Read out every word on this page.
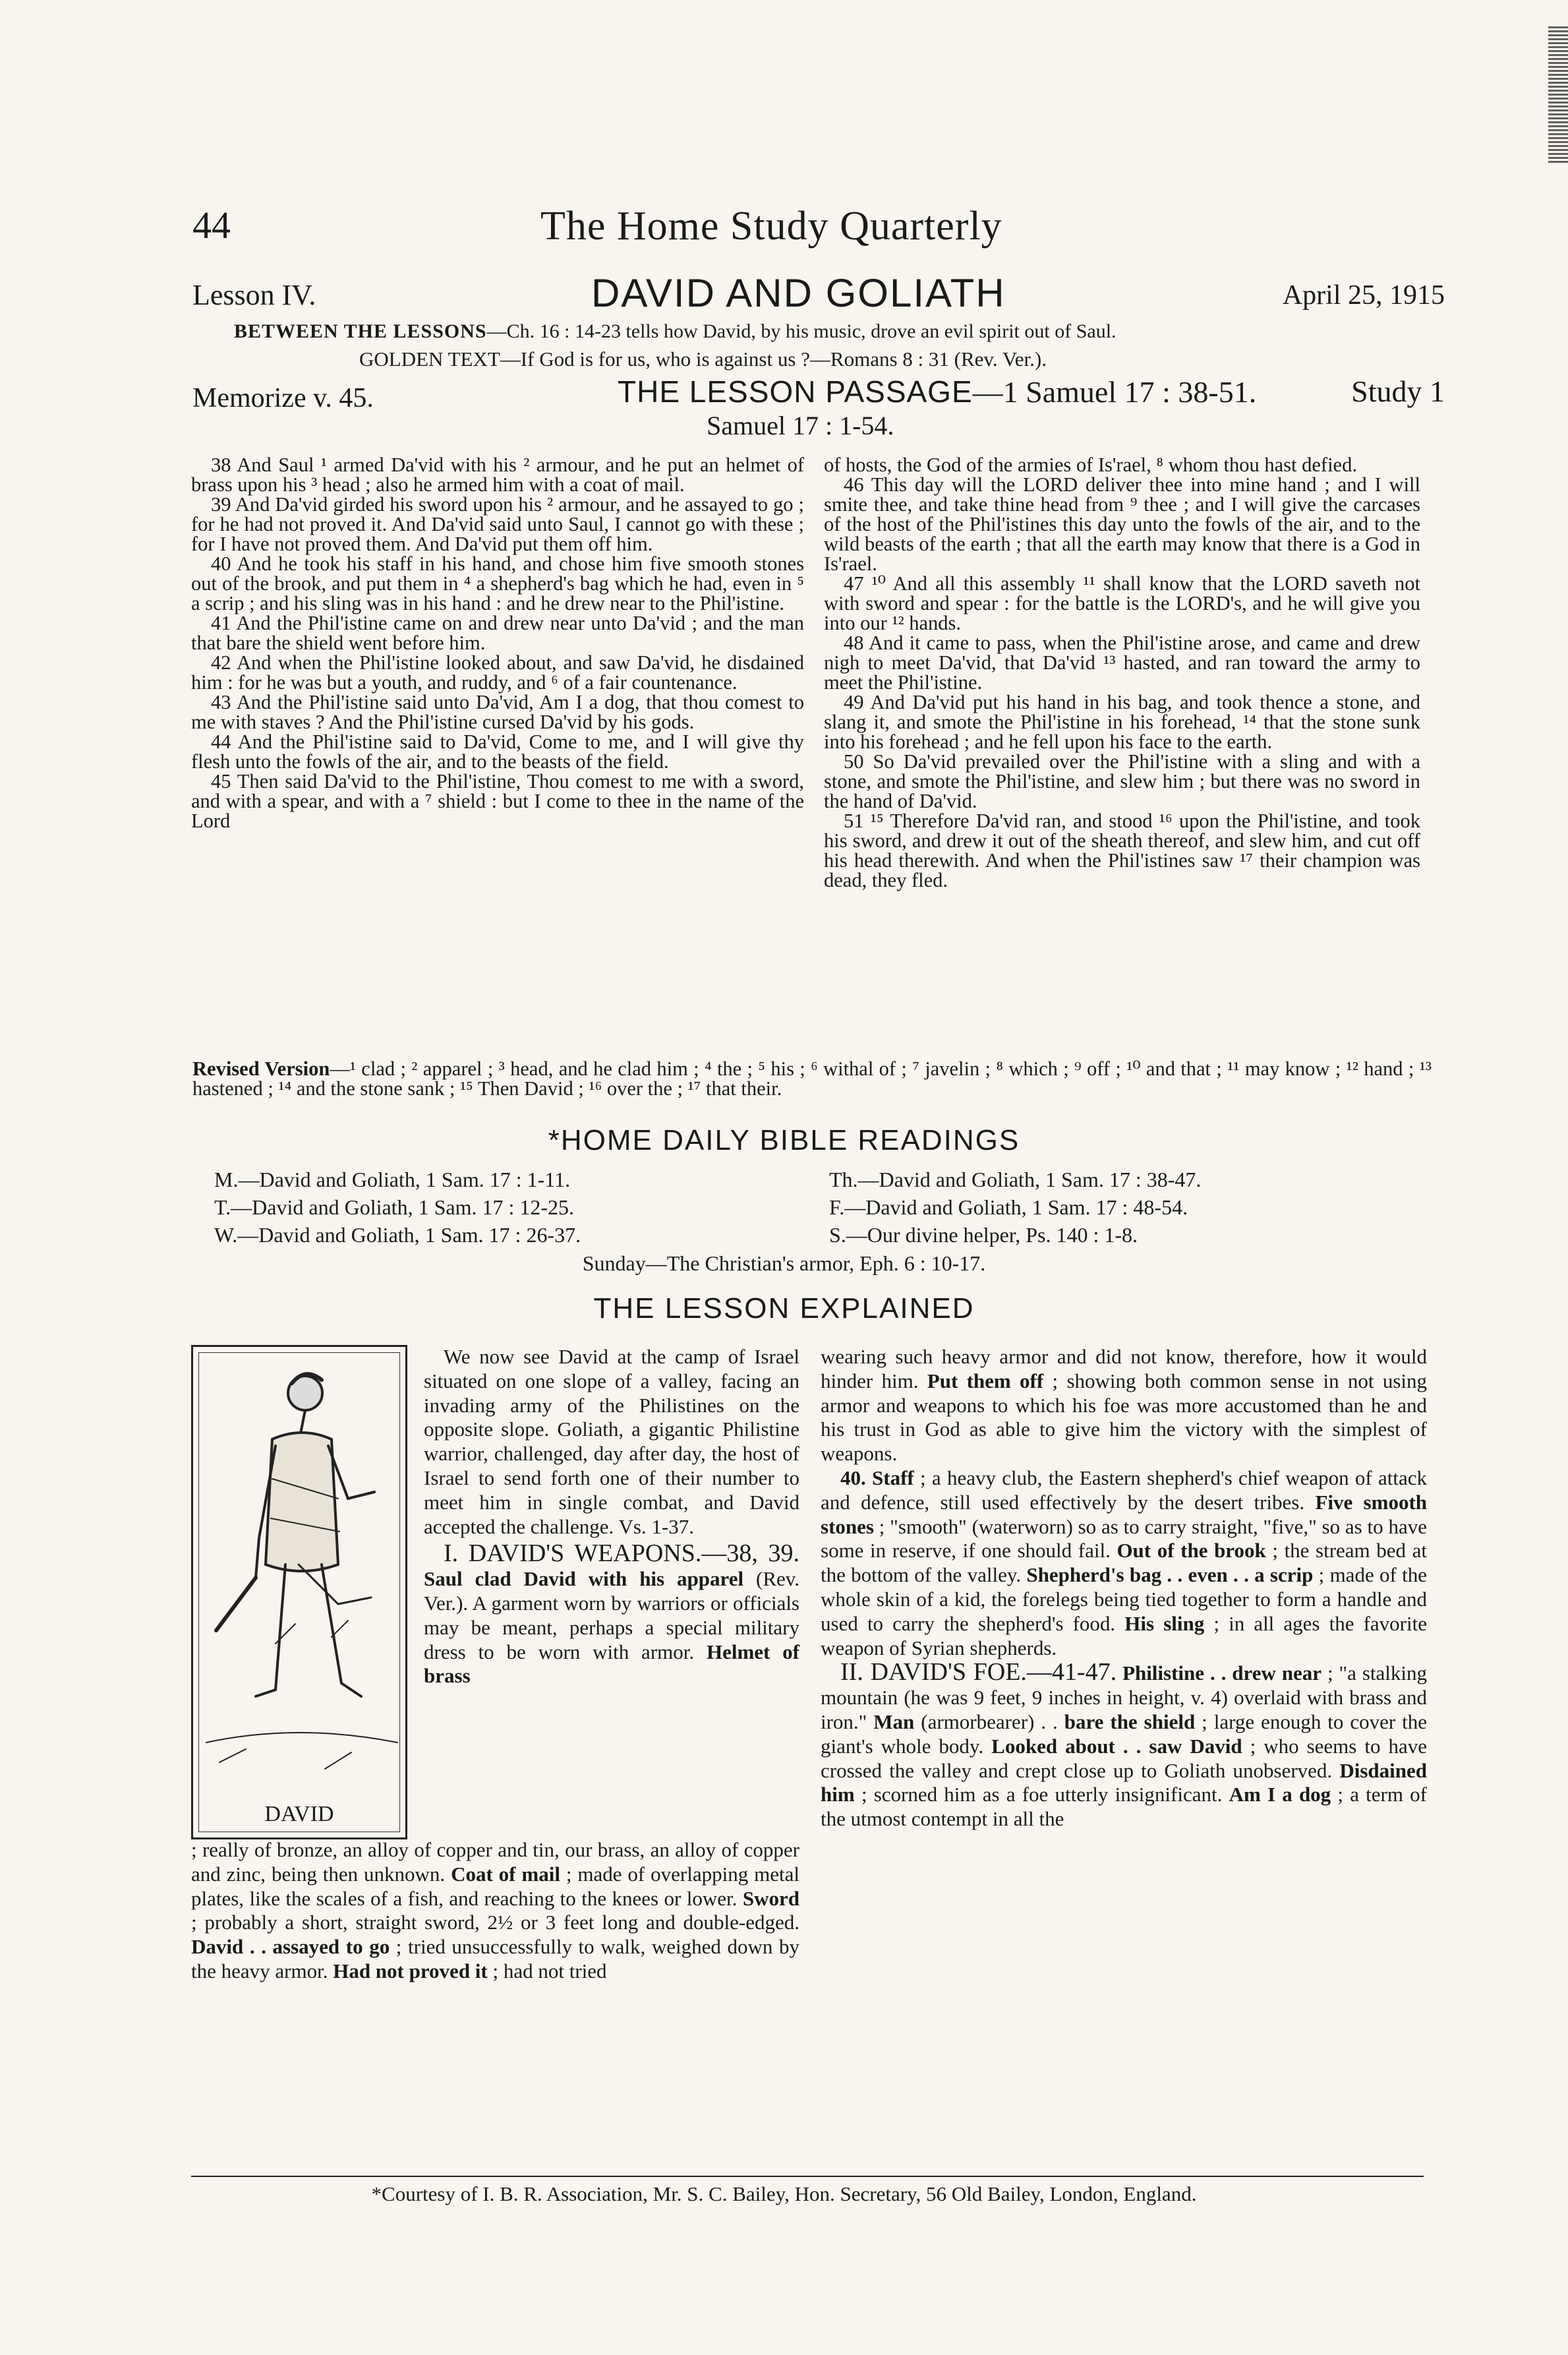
44	The Home Study Quarterly
Lesson IV.	DAVID AND GOLIATH	April 25, 1915
BETWEEN THE LESSONS—Ch. 16 : 14-23 tells how David, by his music, drove an evil spirit out of Saul.
GOLDEN TEXT—If God is for us, who is against us ?—Romans 8 : 31 (Rev. Ver.).
Memorize v. 45.	THE LESSON PASSAGE—1 Samuel 17 : 38-51.	Study 1
Samuel 17 : 1-54.

38 And Saul ¹ armed Da'vid with his ² armour, and he put an helmet of brass upon his ³ head ; also he armed him with a coat of mail.

39 And Da'vid girded his sword upon his ² armour, and he assayed to go ; for he had not proved it. And Da'vid said unto Saul, I cannot go with these ; for I have not proved them. And Da'vid put them off him.

40 And he took his staff in his hand, and chose him five smooth stones out of the brook, and put them in ⁴ a shepherd's bag which he had, even in ⁵ a scrip ; and his sling was in his hand : and he drew near to the Phil'istine.

41 And the Phil'istine came on and drew near unto Da'vid ; and the man that bare the shield went before him.

42 And when the Phil'istine looked about, and saw Da'vid, he disdained him : for he was but a youth, and ruddy, and ⁶ of a fair countenance.

43 And the Phil'istine said unto Da'vid, Am I a dog, that thou comest to me with staves ? And the Phil'istine cursed Da'vid by his gods.

44 And the Phil'istine said to Da'vid, Come to me, and I will give thy flesh unto the fowls of the air, and to the beasts of the field.

45 Then said Da'vid to the Phil'istine, Thou comest to me with a sword, and with a spear, and with a ⁷ shield : but I come to thee in the name of the Lord

of hosts, the God of the armies of Is'rael, ⁸ whom thou hast defied.

46 This day will the LORD deliver thee into mine hand ; and I will smite thee, and take thine head from ⁹ thee ; and I will give the carcases of the host of the Phil'istines this day unto the fowls of the air, and to the wild beasts of the earth ; that all the earth may know that there is a God in Is'rael.

47 ¹⁰ And all this assembly ¹¹ shall know that the LORD saveth not with sword and spear : for the battle is the LORD's, and he will give you into our ¹² hands.

48 And it came to pass, when the Phil'istine arose, and came and drew nigh to meet Da'vid, that Da'vid ¹³ hasted, and ran toward the army to meet the Phil'istine.

49 And Da'vid put his hand in his bag, and took thence a stone, and slang it, and smote the Phil'istine in his forehead, ¹⁴ that the stone sunk into his forehead ; and he fell upon his face to the earth.

50 So Da'vid prevailed over the Phil'istine with a sling and with a stone, and smote the Phil'istine, and slew him ; but there was no sword in the hand of Da'vid.

51 ¹⁵ Therefore Da'vid ran, and stood ¹⁶ upon the Phil'istine, and took his sword, and drew it out of the sheath thereof, and slew him, and cut off his head therewith. And when the Phil'istines saw ¹⁷ their champion was dead, they fled.

Revised Version—¹ clad ; ² apparel ; ³ head, and he clad him ; ⁴ the ; ⁵ his ; ⁶ withal of ; ⁷ javelin ; ⁸ which ; ⁹ off ; ¹⁰ and that ; ¹¹ may know ; ¹² hand ; ¹³ hastened ; ¹⁴ and the stone sank ; ¹⁵ Then David ; ¹⁶ over the ; ¹⁷ that their.
*HOME DAILY BIBLE READINGS
M.—David and Goliath, 1 Sam. 17 : 1-11.
T.—David and Goliath, 1 Sam. 17 : 12-25.
W.—David and Goliath, 1 Sam. 17 : 26-37.
Th.—David and Goliath, 1 Sam. 17 : 38-47.
F.—David and Goliath, 1 Sam. 17 : 48-54.
S.—Our divine helper, Ps. 140 : 1-8.
Sunday—The Christian's armor, Eph. 6 : 10-17.
THE LESSON EXPLAINED
DAVID

We now see David at the camp of Israel situated on one slope of a valley, facing an invading army of the Philistines on the opposite slope. Goliath, a gigantic Philistine warrior, challenged, day after day, the host of Israel to send forth one of their number to meet him in single combat, and David accepted the challenge. Vs. 1-37.

I. DAVID'S WEAPONS.—38, 39. Saul clad David with his apparel (Rev. Ver.). A garment worn by warriors or officials may be meant, perhaps a special military dress to be worn with armor. Helmet of brass

; really of bronze, an alloy of copper and tin, our brass, an alloy of copper and zinc, being then unknown. Coat of mail ; made of overlapping metal plates, like the scales of a fish, and reaching to the knees or lower. Sword ; probably a short, straight sword, 2½ or 3 feet long and double-edged. David . . assayed to go ; tried unsuccessfully to walk, weighed down by the heavy armor. Had not proved it ; had not tried

wearing such heavy armor and did not know, therefore, how it would hinder him. Put them off ; showing both common sense in not using armor and weapons to which his foe was more accustomed than he and his trust in God as able to give him the victory with the simplest of weapons.

40. Staff ; a heavy club, the Eastern shepherd's chief weapon of attack and defence, still used effectively by the desert tribes. Five smooth stones ; "smooth" (waterworn) so as to carry straight, "five," so as to have some in reserve, if one should fail. Out of the brook ; the stream bed at the bottom of the valley. Shepherd's bag . . even . . a scrip ; made of the whole skin of a kid, the forelegs being tied together to form a handle and used to carry the shepherd's food. His sling ; in all ages the favorite weapon of Syrian shepherds.

II. DAVID'S FOE.—41-47. Philistine . . drew near ; "a stalking mountain (he was 9 feet, 9 inches in height, v. 4) overlaid with brass and iron." Man (armorbearer) . . bare the shield ; large enough to cover the giant's whole body. Looked about . . saw David ; who seems to have crossed the valley and crept close up to Goliath unobserved. Disdained him ; scorned him as a foe utterly insignificant. Am I a dog ; a term of the utmost contempt in all the

*Courtesy of I. B. R. Association, Mr. S. C. Bailey, Hon. Secretary, 56 Old Bailey, London, England.
